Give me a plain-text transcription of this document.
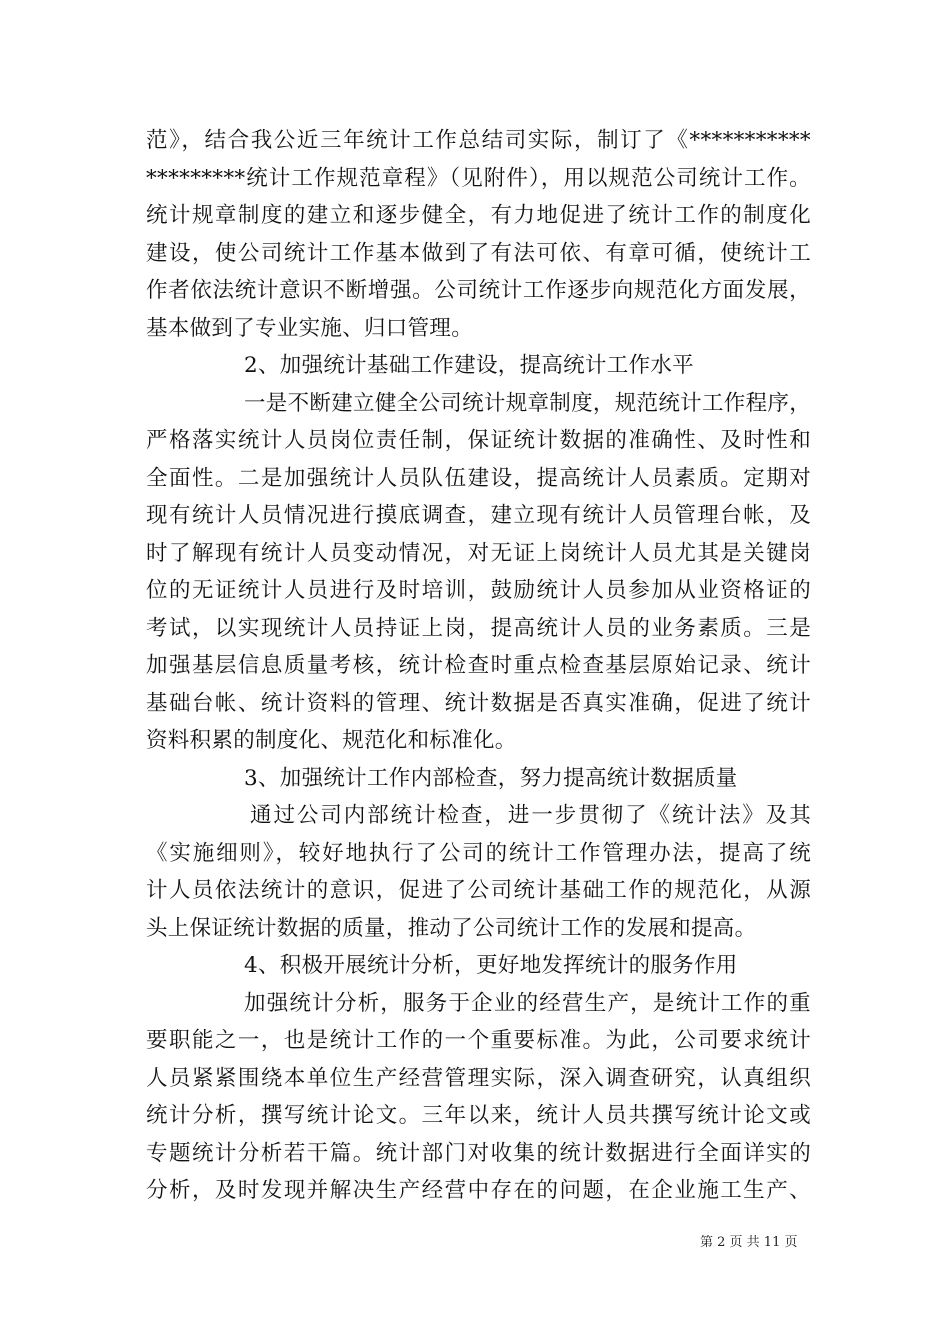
范》，结合我公近三年统计工作总结司实际，制订了《***********
*********统计工作规范章程》（见附件），用以规范公司统计工作。
统计规章制度的建立和逐步健全，有力地促进了统计工作的制度化
建设，使公司统计工作基本做到了有法可依、有章可循，使统计工
作者依法统计意识不断增强。公司统计工作逐步向规范化方面发展，
基本做到了专业实施、归口管理。
2、加强统计基础工作建设，提高统计工作水平
一是不断建立健全公司统计规章制度，规范统计工作程序，
严格落实统计人员岗位责任制，保证统计数据的准确性、及时性和
全面性。二是加强统计人员队伍建设，提高统计人员素质。定期对
现有统计人员情况进行摸底调查，建立现有统计人员管理台帐，及
时了解现有统计人员变动情况，对无证上岗统计人员尤其是关键岗
位的无证统计人员进行及时培训，鼓励统计人员参加从业资格证的
考试，以实现统计人员持证上岗，提高统计人员的业务素质。三是
加强基层信息质量考核，统计检查时重点检查基层原始记录、统计
基础台帐、统计资料的管理、统计数据是否真实准确，促进了统计
资料积累的制度化、规范化和标准化。
3、加强统计工作内部检查，努力提高统计数据质量
通过公司内部统计检查，进一步贯彻了《统计法》及其
《实施细则》，较好地执行了公司的统计工作管理办法，提高了统
计人员依法统计的意识，促进了公司统计基础工作的规范化，从源
头上保证统计数据的质量，推动了公司统计工作的发展和提高。
4、积极开展统计分析，更好地发挥统计的服务作用
加强统计分析，服务于企业的经营生产，是统计工作的重
要职能之一，也是统计工作的一个重要标准。为此，公司要求统计
人员紧紧围绕本单位生产经营管理实际，深入调查研究，认真组织
统计分析，撰写统计论文。三年以来，统计人员共撰写统计论文或
专题统计分析若干篇。统计部门对收集的统计数据进行全面详实的
分析，及时发现并解决生产经营中存在的问题，在企业施工生产、
第 2 页 共 11 页
